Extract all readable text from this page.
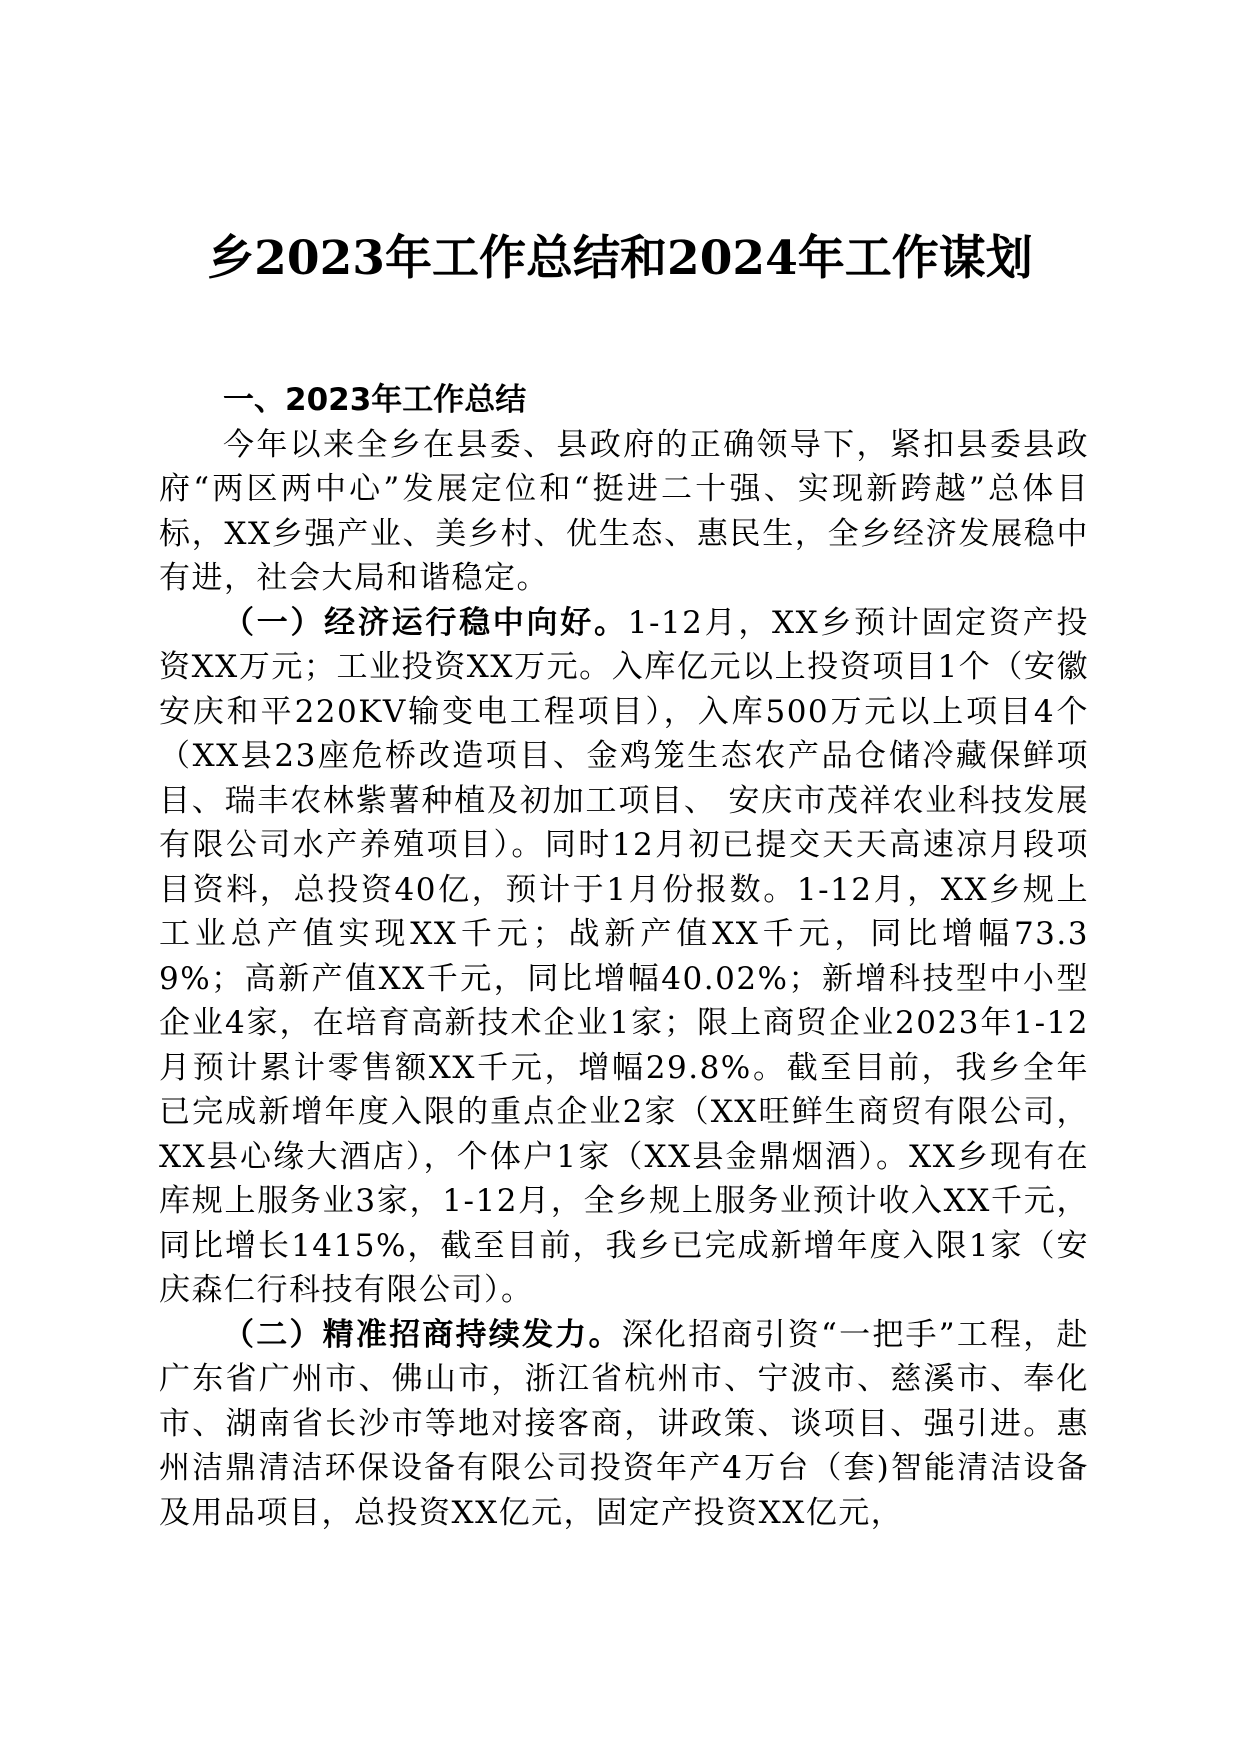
乡2023年工作总结和2024年工作谋划
一、2023年工作总结

今年以来全乡在县委、县政府的正确领导下，紧扣县委县政府“两区两中心”发展定位和“挺进二十强、实现新跨越”总体目标，XX乡强产业、美乡村、优生态、惠民生，全乡经济发展稳中有进，社会大局和谐稳定。

（一）经济运行稳中向好。1-12月，XX乡预计固定资产投资XX万元；工业投资XX万元。入库亿元以上投资项目1个（安徽安庆和平220KV输变电工程项目），入库500万元以上项目4个（XX县23座危桥改造项目、金鸡笼生态农产品仓储冷藏保鲜项目、瑞丰农林紫薯种植及初加工项目、 安庆市茂祥农业科技发展有限公司水产养殖项目）。同时12月初已提交天天高速凉月段项目资料，总投资40亿，预计于1月份报数。1-12月，XX乡规上工业总产值实现XX千元；战新产值XX千元，同比增幅73.39%；高新产值XX千元，同比增幅40.02%；新增科技型中小型企业4家，在培育高新技术企业1家；限上商贸企业2023年1-12月预计累计零售额XX千元，增幅29.8%。截至目前，我乡全年已完成新增年度入限的重点企业2家（XX旺鲜生商贸有限公司，XX县心缘大酒店），个体户1家（XX县金鼎烟酒）。XX乡现有在库规上服务业3家，1-12月，全乡规上服务业预计收入XX千元，同比增长1415%，截至目前，我乡已完成新增年度入限1家（安庆森仁行科技有限公司）。

（二）精准招商持续发力。深化招商引资“一把手”工程，赴广东省广州市、佛山市，浙江省杭州市、宁波市、慈溪市、奉化市、湖南省长沙市等地对接客商，讲政策、谈项目、强引进。惠州洁鼎清洁环保设备有限公司投资年产4万台（套)智能清洁设备及用品项目，总投资XX亿元，固定产投资XX亿元，
